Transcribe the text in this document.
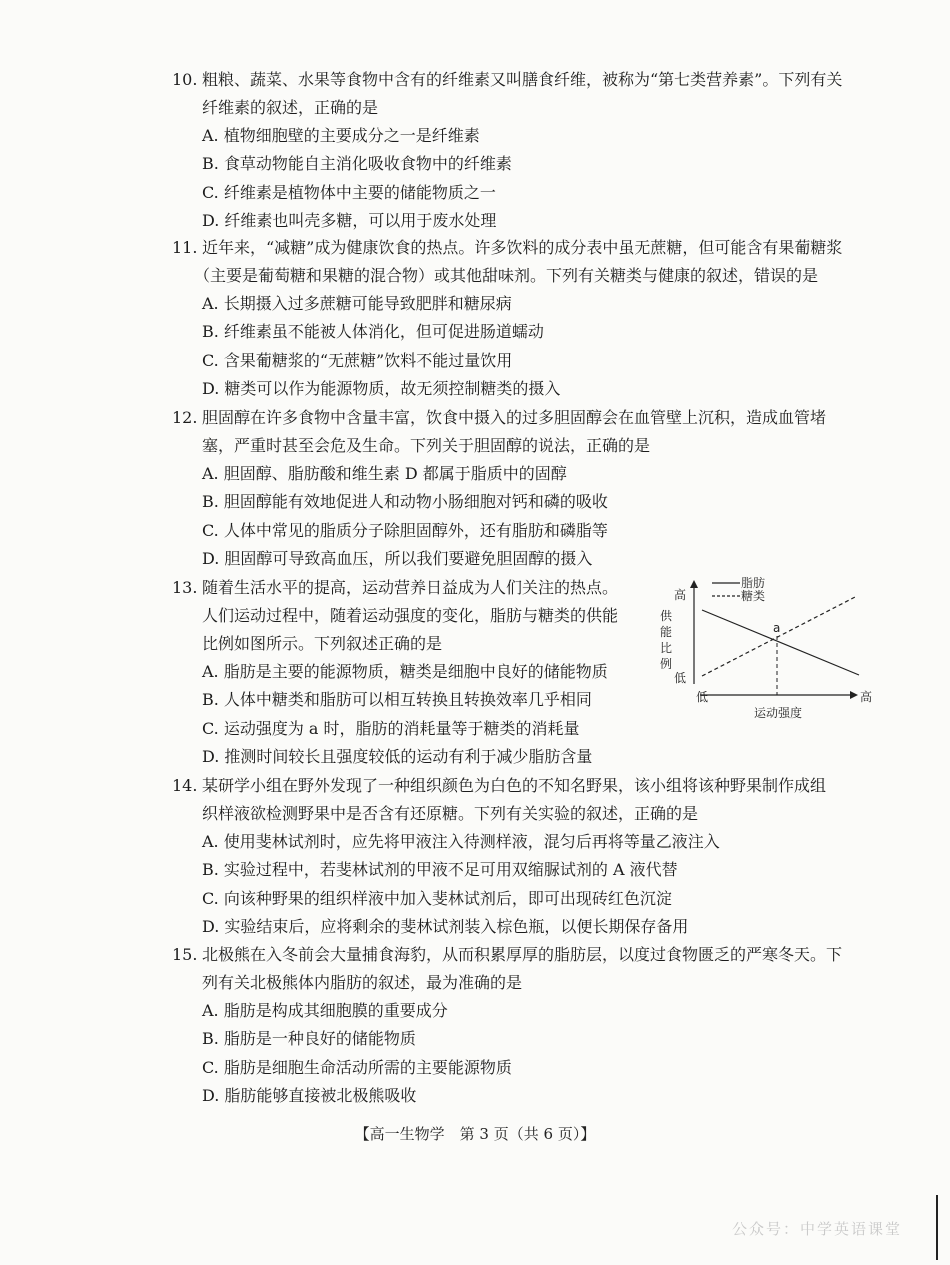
10. 粗粮、蔬菜、水果等食物中含有的纤维素又叫膳食纤维，被称为“第七类营养素”。下列有关

纤维素的叙述，正确的是

A. 植物细胞壁的主要成分之一是纤维素

B. 食草动物能自主消化吸收食物中的纤维素

C. 纤维素是植物体中主要的储能物质之一

D. 纤维素也叫壳多糖，可以用于废水处理

11. 近年来，“减糖”成为健康饮食的热点。许多饮料的成分表中虽无蔗糖，但可能含有果葡糖浆

（主要是葡萄糖和果糖的混合物）或其他甜味剂。下列有关糖类与健康的叙述，错误的是

A. 长期摄入过多蔗糖可能导致肥胖和糖尿病

B. 纤维素虽不能被人体消化，但可促进肠道蠕动

C. 含果葡糖浆的“无蔗糖”饮料不能过量饮用

D. 糖类可以作为能源物质，故无须控制糖类的摄入

12. 胆固醇在许多食物中含量丰富，饮食中摄入的过多胆固醇会在血管壁上沉积，造成血管堵

塞，严重时甚至会危及生命。下列关于胆固醇的说法，正确的是

A. 胆固醇、脂肪酸和维生素 D 都属于脂质中的固醇

B. 胆固醇能有效地促进人和动物小肠细胞对钙和磷的吸收

C. 人体中常见的脂质分子除胆固醇外，还有脂肪和磷脂等

D. 胆固醇可导致高血压，所以我们要避免胆固醇的摄入

13. 随着生活水平的提高，运动营养日益成为人们关注的热点。

人们运动过程中，随着运动强度的变化，脂肪与糖类的供能

比例如图所示。下列叙述正确的是

A. 脂肪是主要的能源物质，糖类是细胞中良好的储能物质

B. 人体中糖类和脂肪可以相互转换且转换效率几乎相同

C. 运动强度为 a 时，脂肪的消耗量等于糖类的消耗量

D. 推测时间较长且强度较低的运动有利于减少脂肪含量

高
供
能
比
例
低
低	高
运动强度
脂肪
糖类
a

14. 某研学小组在野外发现了一种组织颜色为白色的不知名野果，该小组将该种野果制作成组

织样液欲检测野果中是否含有还原糖。下列有关实验的叙述，正确的是

A. 使用斐林试剂时，应先将甲液注入待测样液，混匀后再将等量乙液注入

B. 实验过程中，若斐林试剂的甲液不足可用双缩脲试剂的 A 液代替

C. 向该种野果的组织样液中加入斐林试剂后，即可出现砖红色沉淀

D. 实验结束后，应将剩余的斐林试剂装入棕色瓶，以便长期保存备用

15. 北极熊在入冬前会大量捕食海豹，从而积累厚厚的脂肪层，以度过食物匮乏的严寒冬天。下

列有关北极熊体内脂肪的叙述，最为准确的是

A. 脂肪是构成其细胞膜的重要成分

B. 脂肪是一种良好的储能物质

C. 脂肪是细胞生命活动所需的主要能源物质

D. 脂肪能够直接被北极熊吸收

【高一生物学　第 3 页（共 6 页）】
公众号：中学英语课堂
